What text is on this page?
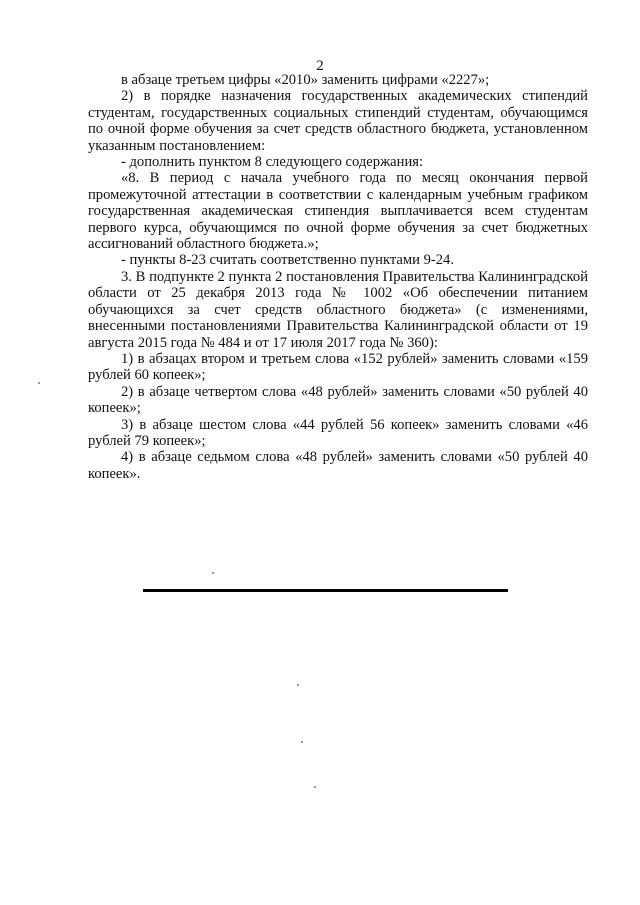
2

в абзаце третьем цифры «2010» заменить цифрами «2227»;

2) в порядке назначения государственных академических стипендий студентам, государственных социальных стипендий студентам, обучающимся по очной форме обучения за счет средств областного бюджета, установленном указанным постановлением:

- дополнить пунктом 8 следующего содержания:

«8. В период с начала учебного года по месяц окончания первой промежуточной аттестации в соответствии с календарным учебным графиком государственная академическая стипендия выплачивается всем студентам первого курса, обучающимся по очной форме обучения за счет бюджетных ассигнований областного бюджета.»;

- пункты 8-23 считать соответственно пунктами 9-24.

3. В подпункте 2 пункта 2 постановления Правительства Калининградской области от 25 декабря 2013 года № 1002 «Об обеспечении питанием обучающихся за счет средств областного бюджета» (с изменениями, внесенными постановлениями Правительства Калининградской области от 19 августа 2015 года № 484 и от 17 июля 2017 года № 360):

1) в абзацах втором и третьем слова «152 рублей» заменить словами «159 рублей 60 копеек»;

2) в абзаце четвертом слова «48 рублей» заменить словами «50 рублей 40 копеек»;

3) в абзаце шестом слова «44 рублей 56 копеек» заменить словами «46 рублей 79 копеек»;

4) в абзаце седьмом слова «48 рублей» заменить словами «50 рублей 40 копеек».
